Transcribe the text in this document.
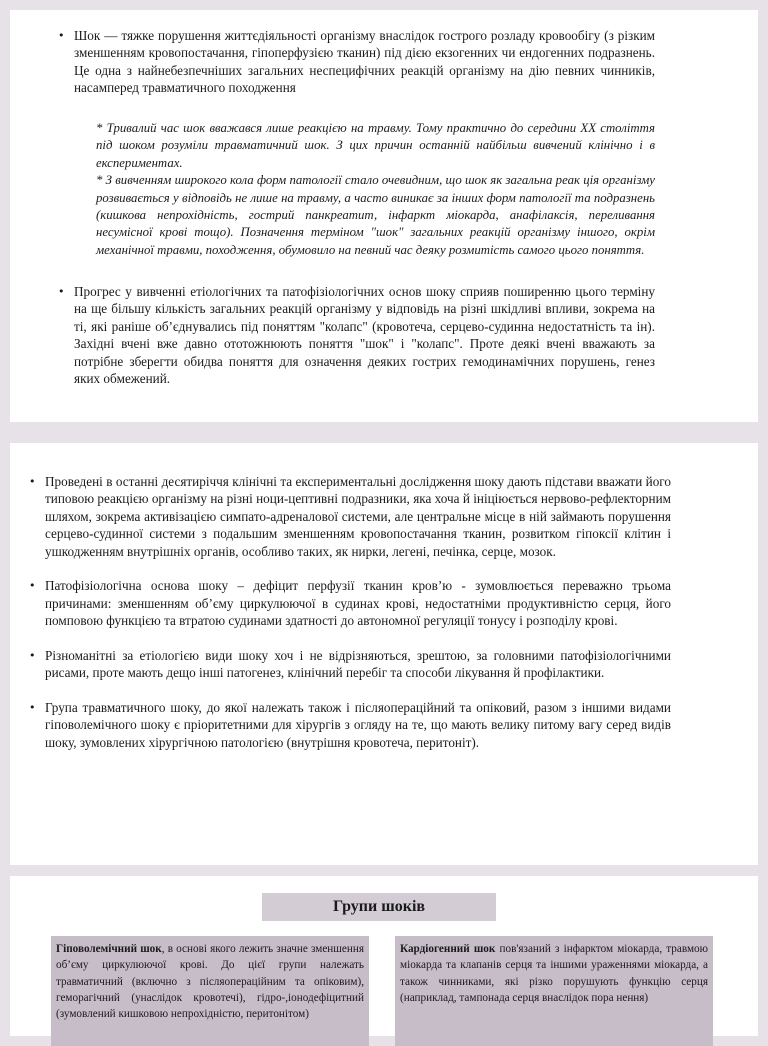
• Шок — тяжке порушення життєдіяльності організму внаслідок гострого розладу кровообігу (з різким зменшенням кровопостачання, гіпоперфузією тканин) під дією екзогенних чи ендогенних подразнень. Це одна з найнебезпечніших загальних неспецифічних реакцій організму на дію певних чинників, насамперед травматичного походження

* Тривалий час шок вважався лише реакцією на травму. Тому практично до середини XX століття під шоком розуміли травматичний шок. З цих причин останній найбільш вивчений клінічно і в експериментах.

* З вивченням широкого кола форм патології стало очевидним, що шок як загальна реак ція організму розвивається у відповідь не лише на травму, а часто виникає за інших форм патології та подразнень (кишкова непрохідність, гострий панкреатит, інфаркт міокарда, анафілаксія, переливання несумісної крові тощо). Позначення терміном "шок" загальних реакцій організму іншого, окрім механічної травми, походження, обумовило на певний час деяку розмитість самого цього поняття.

• Прогрес у вивченні етіологічних та патофізіологічних основ шоку сприяв поширенню цього терміну на ще більшу кількість загальних реакцій організму у відповідь на різні шкідливі впливи, зокрема на ті, які раніше об’єднувались під поняттям "колапс" (кровотеча, серцево-судинна недостатність та ін). Західні вчені вже давно ототожнюють поняття "шок" і "колапс". Проте деякі вчені вважають за потрібне зберегти обидва поняття для означення деяких гострих гемодинамічних порушень, генез яких обмежений.
• Проведені в останні десятиріччя клінічні та експериментальні дослідження шоку дають підстави вважати його типовою реакцією організму на різні ноци-цептивні подразники, яка хоча й ініціюється нервово-рефлекторним шляхом, зокрема активізацією симпато-адреналової системи, але центральне місце в ній займають порушення серцево-судинної системи з подальшим зменшенням кровопостачання тканин, розвитком гіпоксії клітин і ушкодженням внутрішніх органів, особливо таких, як нирки, легені, печінка, серце, мозок.
• Патофізіологічна основа шоку – дефіцит перфузії тканин кров’ю - зумовлюється переважно трьома причинами: зменшенням об’єму циркулюючої в судинах крові, недостатніми продуктивністю серця, його помповою функцією та втратою судинами здатності до автономної регуляції тонусу і розподілу крові.
• Різноманітні за етіологією види шоку хоч і не відрізняються, зрештою, за головними патофізіологічними рисами, проте мають дещо інші патогенез, клінічний перебіг та способи лікування й профілактики.
• Група травматичного шоку, до якої належать також і післяопераційний та опіковий, разом з іншими видами гіповолемічного шоку є пріоритетними для хірургів з огляду на те, що мають велику питому вагу серед видів шоку, зумовлених хірургічною патологією (внутрішня кровотеча, перитоніт).
Групи шоків
Гіповолемічний шок, в основі якого лежить значне зменшення об’єму циркулюючої крові. До цієї групи належать травматичний (включно з післяопераційним та опіковим), геморагічний (унаслідок кровотечі), гідро-,іонодефіцитний (зумовлений кишковою непрохідністю, перитонітом)
Кардіогенний шок пов'язаний з інфарктом міокарда, травмою міокарда та клапанів серця та іншими ураженнями міокарда, а також чинниками, які різко порушують функцію серця (наприклад, тампонада серця внаслідок пора нення)
